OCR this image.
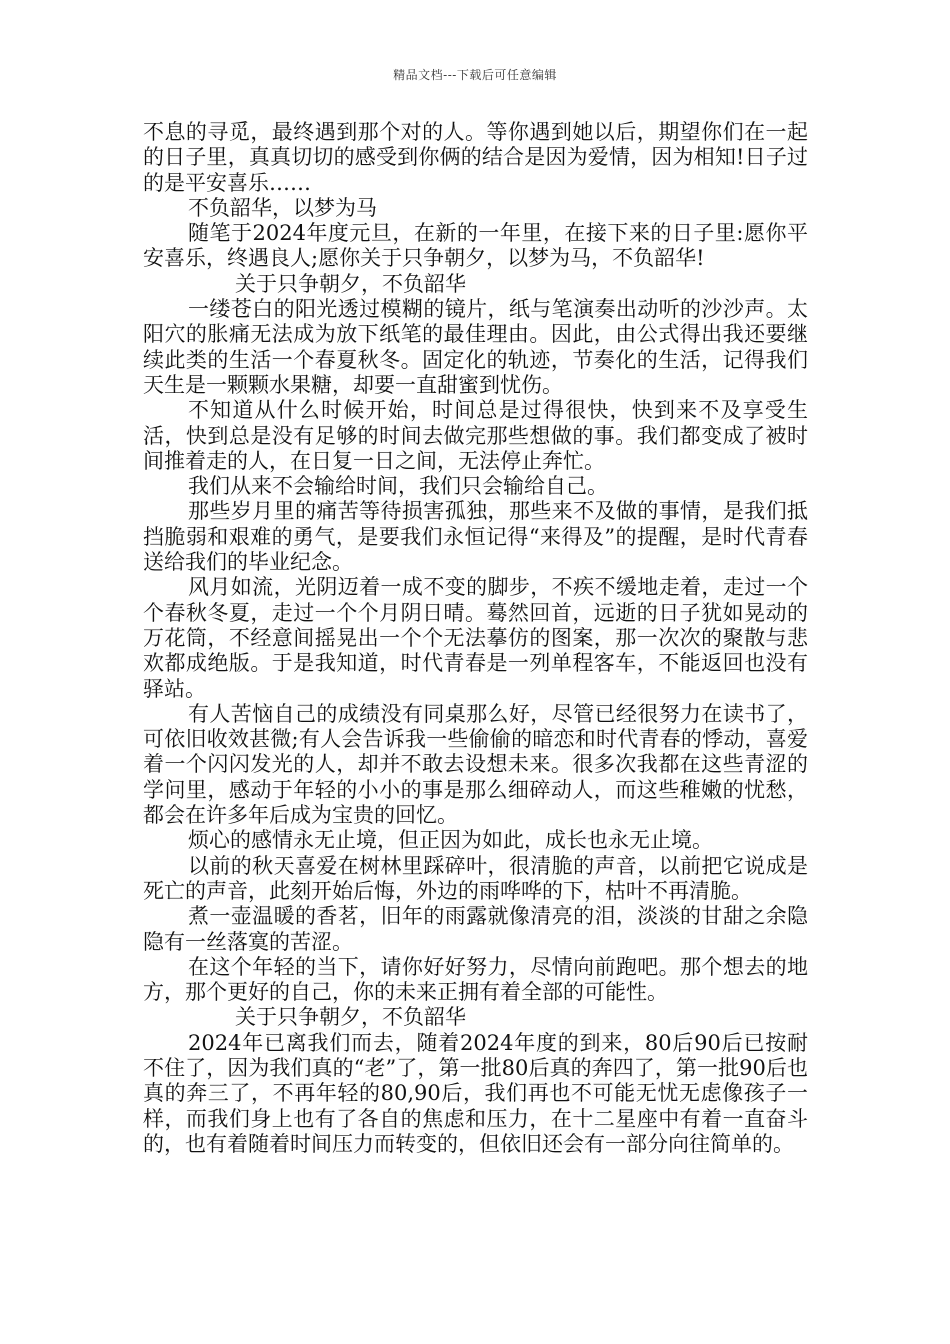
精品文档---下载后可任意编辑

不息的寻觅，最终遇到那个对的人。等你遇到她以后，期望你们在一起的日子里，真真切切的感受到你俩的结合是因为爱情，因为相知!日子过的是平安喜乐……

不负韶华，以梦为马

随笔于2024年度元旦，在新的一年里，在接下来的日子里:愿你平安喜乐，终遇良人;愿你关于只争朝夕，以梦为马，不负韶华!

关于只争朝夕，不负韶华

一缕苍白的阳光透过模糊的镜片，纸与笔演奏出动听的沙沙声。太阳穴的胀痛无法成为放下纸笔的最佳理由。因此，由公式得出我还要继续此类的生活一个春夏秋冬。固定化的轨迹，节奏化的生活，记得我们天生是一颗颗水果糖，却要一直甜蜜到忧伤。

不知道从什么时候开始，时间总是过得很快，快到来不及享受生活，快到总是没有足够的时间去做完那些想做的事。我们都变成了被时间推着走的人，在日复一日之间，无法停止奔忙。

我们从来不会输给时间，我们只会输给自己。

那些岁月里的痛苦等待损害孤独，那些来不及做的事情，是我们抵挡脆弱和艰难的勇气，是要我们永恒记得“来得及”的提醒，是时代青春送给我们的毕业纪念。

风月如流，光阴迈着一成不变的脚步，不疾不缓地走着，走过一个个春秋冬夏，走过一个个月阴日晴。蓦然回首，远逝的日子犹如晃动的万花筒，不经意间摇晃出一个个无法摹仿的图案，那一次次的聚散与悲欢都成绝版。于是我知道，时代青春是一列单程客车，不能返回也没有驿站。

有人苦恼自己的成绩没有同桌那么好，尽管已经很努力在读书了，可依旧收效甚微;有人会告诉我一些偷偷的暗恋和时代青春的悸动，喜爱着一个闪闪发光的人，却并不敢去设想未来。很多次我都在这些青涩的学问里，感动于年轻的小小的事是那么细碎动人，而这些稚嫩的忧愁，都会在许多年后成为宝贵的回忆。

烦心的感情永无止境，但正因为如此，成长也永无止境。

以前的秋天喜爱在树林里踩碎叶，很清脆的声音，以前把它说成是死亡的声音，此刻开始后悔，外边的雨哗哗的下，枯叶不再清脆。

煮一壶温暖的香茗，旧年的雨露就像清亮的泪，淡淡的甘甜之余隐隐有一丝落寞的苦涩。

在这个年轻的当下，请你好好努力，尽情向前跑吧。那个想去的地方，那个更好的自己，你的未来正拥有着全部的可能性。

关于只争朝夕，不负韶华

2024年已离我们而去，随着2024年度的到来，80后90后已按耐不住了，因为我们真的“老”了，第一批80后真的奔四了，第一批90后也真的奔三了，不再年轻的80,90后，我们再也不可能无忧无虑像孩子一样，而我们身上也有了各自的焦虑和压力，在十二星座中有着一直奋斗的，也有着随着时间压力而转变的，但依旧还会有一部分向往简单的。
